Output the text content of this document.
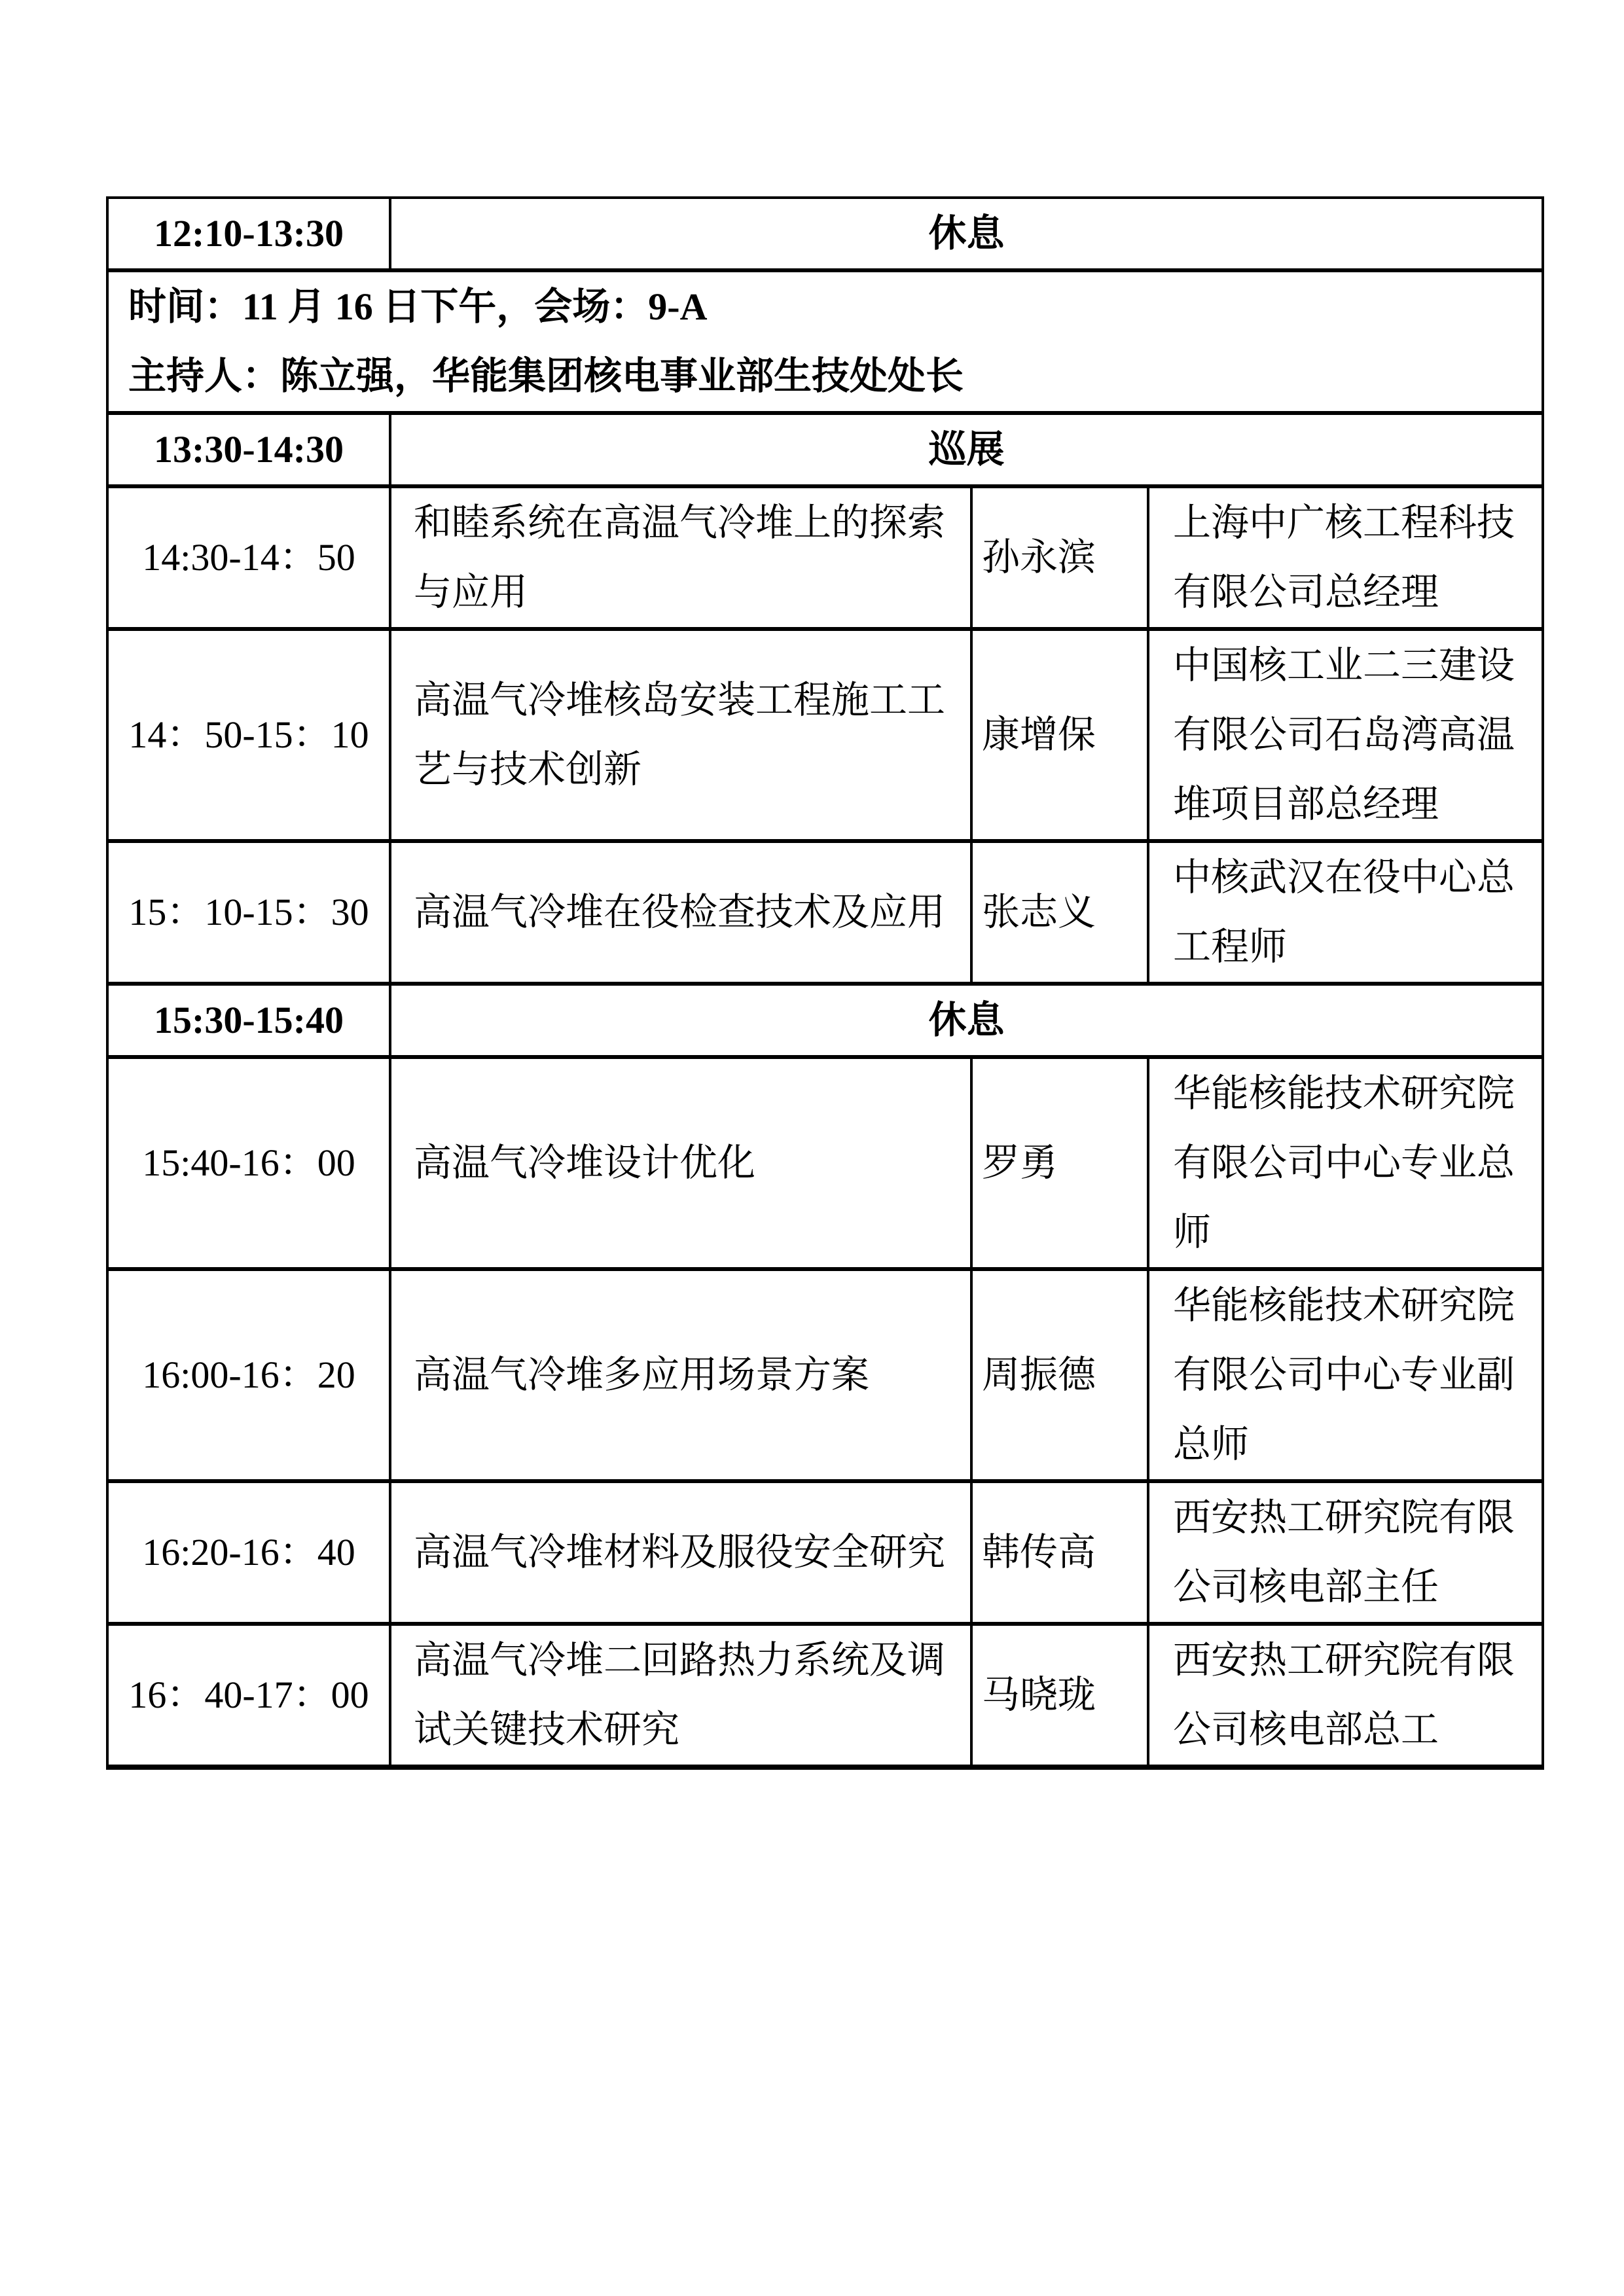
12:10-13:30	休息		

时间：11 月 16 日下午，会场：9-A
主持人：陈立强，华能集团核电事业部生技处处长			

13:30-14:30	巡展		
14:30-14：50	和睦系统在高温气冷堆上的探索与应用	孙永滨	上海中广核工程科技有限公司总经理
14：50-15：10	高温气冷堆核岛安装工程施工工艺与技术创新	康增保	中国核工业二三建设有限公司石岛湾高温堆项目部总经理
15：10-15：30	高温气冷堆在役检查技术及应用	张志义	中核武汉在役中心总工程师
15:30-15:40	休息		
15:40-16：00	高温气冷堆设计优化	罗勇	华能核能技术研究院有限公司中心专业总师
16:00-16：20	高温气冷堆多应用场景方案	周振德	华能核能技术研究院有限公司中心专业副总师
16:20-16：40	高温气冷堆材料及服役安全研究	韩传高	西安热工研究院有限公司核电部主任
16：40-17：00	高温气冷堆二回路热力系统及调试关键技术研究	马晓珑	西安热工研究院有限公司核电部总工
